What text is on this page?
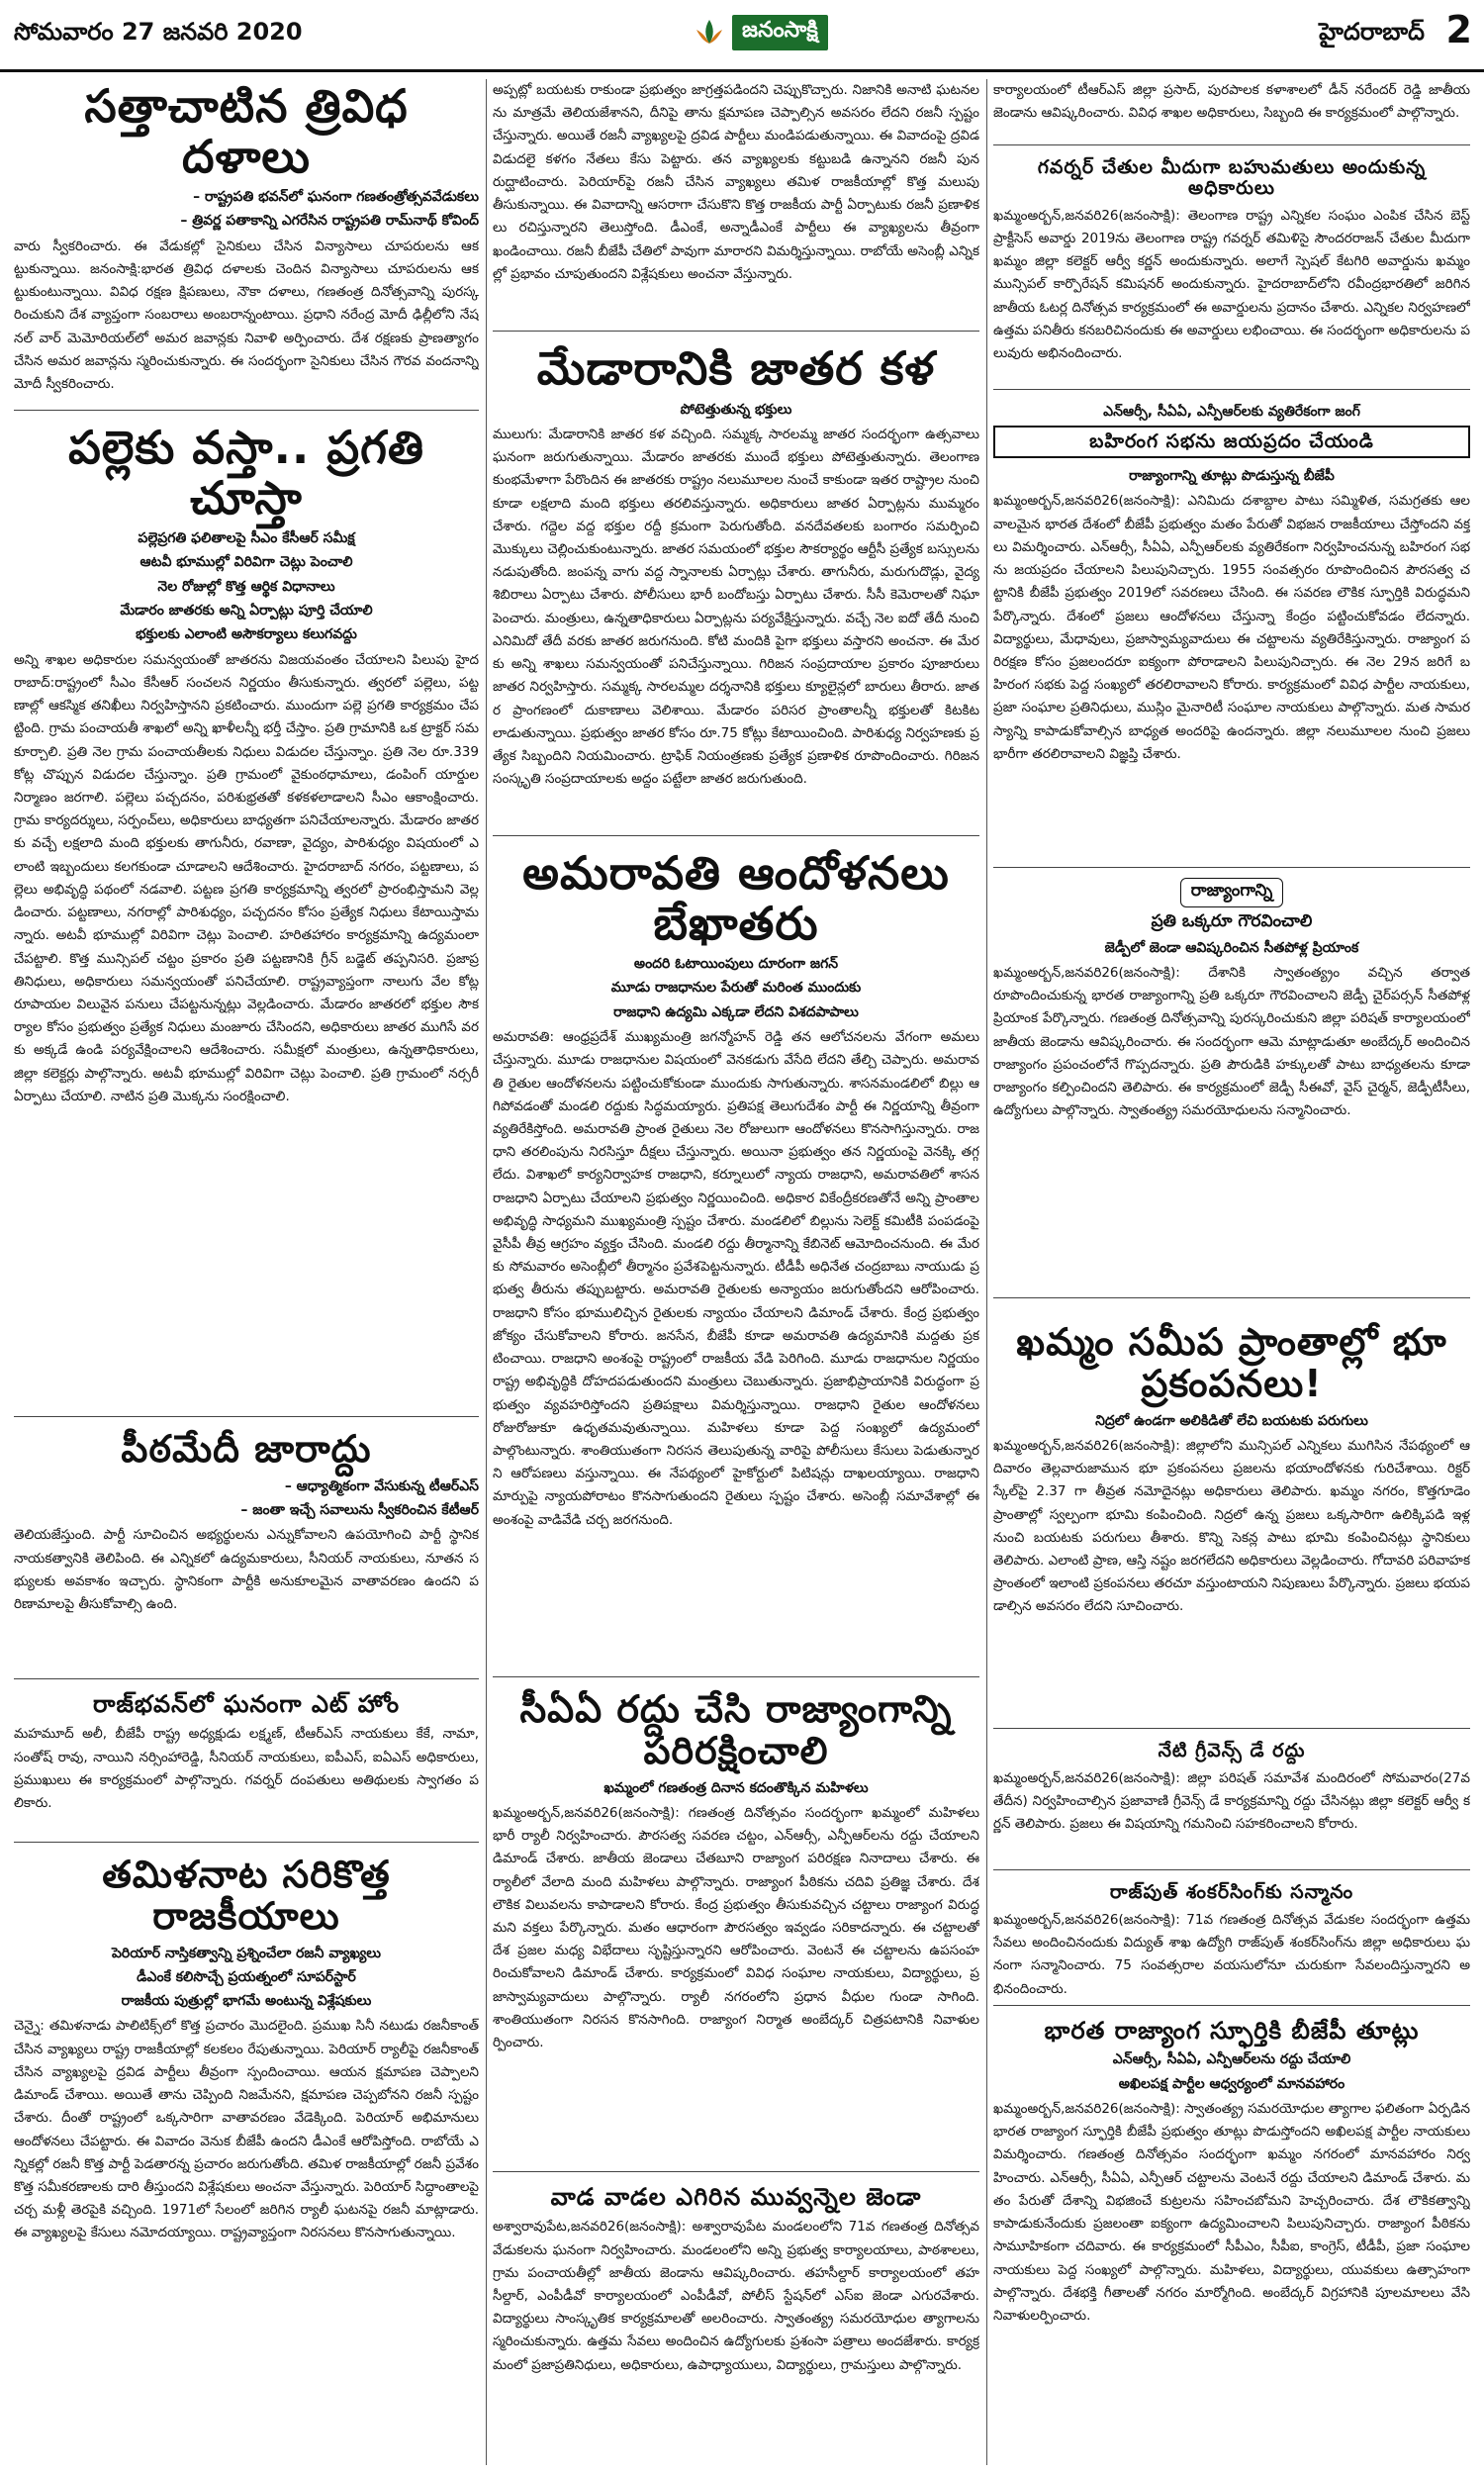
సోమవారం 27 జనవరి 2020	జనంసాక్షి	హైదరాబాద్ 2
సత్తాచాటిన త్రివిధ దళాలు
– రాష్ట్రపతి భవన్‌లో ఘనంగా గణతంత్రోత్సవవేడుకలు
– త్రివర్ణ పతాకాన్ని ఎగరేసిన రాష్ట్రపతి రామ్‌నాథ్ కోవింద్

వారు స్వీకరించారు. ఈ వేడుకల్లో సైనికులు చేసిన విన్యాసాలు చూపరులను ఆకట్టుకున్నాయి. జనంసాక్షి:భారత త్రివిధ దళాలకు చెందిన విన్యాసాలు చూపరులను ఆకట్టుకుంటున్నాయి. వివిధ రక్షణ క్షిపణులు, నౌకా దళాలు, గణతంత్ర దినోత్సవాన్ని పురస్కరించుకుని దేశ వ్యాప్తంగా సంబరాలు అంబరాన్నంటాయి. ప్రధాని నరేంద్ర మోదీ ఢిల్లీలోని నేషనల్ వార్ మెమోరియల్‌లో అమర జవాన్లకు నివాళి అర్పించారు. దేశ రక్షణకు ప్రాణత్యాగం చేసిన అమర జవాన్లను స్మరించుకున్నారు. ఈ సందర్భంగా సైనికులు చేసిన గౌరవ వందనాన్ని మోదీ స్వీకరించారు.

పల్లెకు వస్తా.. ప్రగతి చూస్తా
పల్లెప్రగతి ఫలితాలపై సీఎం కేసీఆర్ సమీక్ష
ఆటవీ భూముల్లో విరివిగా చెట్లు పెంచాలి
నెల రోజుల్లో కొత్త ఆర్థిక విధానాలు
మేడారం జాతరకు అన్ని ఏర్పాట్లు పూర్తి చేయాలి
భక్తులకు ఎలాంటి అసౌకర్యాలు కలుగవద్దు

అన్ని శాఖల అధికారుల సమన్వయంతో జాతరను విజయవంతం చేయాలని పిలుపు హైదరాబాద్:రాష్ట్రంలో సీఎం కేసీఆర్ సంచలన నిర్ణయం తీసుకున్నారు. త్వరలో పల్లెలు, పట్టణాల్లో ఆకస్మిక తనిఖీలు నిర్వహిస్తానని ప్రకటించారు. ముందుగా పల్లె ప్రగతి కార్యక్రమం చేపట్టింది. గ్రామ పంచాయతీ శాఖలో అన్ని ఖాళీలన్నీ భర్తీ చేస్తాం. ప్రతి గ్రామానికి ఒక ట్రాక్టర్ సమకూర్చాలి. ప్రతి నెల గ్రామ పంచాయతీలకు నిధులు విడుదల చేస్తున్నాం. ప్రతి నెల రూ.339 కోట్ల చొప్పున విడుదల చేస్తున్నాం. ప్రతి గ్రామంలో వైకుంఠధామాలు, డంపింగ్ యార్డుల నిర్మాణం జరగాలి. పల్లెలు పచ్చదనం, పరిశుభ్రతతో కళకళలాడాలని సీఎం ఆకాంక్షించారు. గ్రామ కార్యదర్శులు, సర్పంచ్‌లు, అధికారులు బాధ్యతగా పనిచేయాలన్నారు. మేడారం జాతరకు వచ్చే లక్షలాది మంది భక్తులకు తాగునీరు, రవాణా, వైద్యం, పారిశుధ్యం విషయంలో ఎలాంటి ఇబ్బందులు కలగకుండా చూడాలని ఆదేశించారు. హైదరాబాద్ నగరం, పట్టణాలు, పల్లెలు అభివృద్ధి పథంలో నడవాలి. పట్టణ ప్రగతి కార్యక్రమాన్ని త్వరలో ప్రారంభిస్తామని వెల్లడించారు. పట్టణాలు, నగరాల్లో పారిశుధ్యం, పచ్చదనం కోసం ప్రత్యేక నిధులు కేటాయిస్తామన్నారు. అటవీ భూముల్లో విరివిగా చెట్లు పెంచాలి. హరితహారం కార్యక్రమాన్ని ఉద్యమంలా చేపట్టాలి. కొత్త మున్సిపల్ చట్టం ప్రకారం ప్రతి పట్టణానికి గ్రీన్ బడ్జెట్ తప్పనిసరి. ప్రజాప్రతినిధులు, అధికారులు సమన్వయంతో పనిచేయాలి. రాష్ట్రవ్యాప్తంగా నాలుగు వేల కోట్ల రూపాయల విలువైన పనులు చేపట్టనున్నట్లు వెల్లడించారు. మేడారం జాతరలో భక్తుల సౌకర్యాల కోసం ప్రభుత్వం ప్రత్యేక నిధులు మంజూరు చేసిందని, అధికారులు జాతర ముగిసే వరకు అక్కడే ఉండి పర్యవేక్షించాలని ఆదేశించారు. సమీక్షలో మంత్రులు, ఉన్నతాధికారులు, జిల్లా కలెక్టర్లు పాల్గొన్నారు. అటవీ భూముల్లో విరివిగా చెట్లు పెంచాలి. ప్రతి గ్రామంలో నర్సరీ ఏర్పాటు చేయాలి. నాటిన ప్రతి మొక్కను సంరక్షించాలి.

పీఠమేదీ జారాద్దు
– ఆధ్యాత్మికంగా వేసుకున్న టీఆర్ఎస్
– జంతా ఇచ్చే సవాలును స్వీకరించిన కేటీఆర్

తెలియజేస్తుంది. పార్టీ సూచించిన అభ్యర్థులను ఎన్నుకోవాలని ఉపయోగించి పార్టీ స్థానిక నాయకత్వానికి తెలిపింది. ఈ ఎన్నికలో ఉద్యమకారులు, సీనియర్ నాయకులు, నూతన సభ్యులకు అవకాశం ఇచ్చారు. స్థానికంగా పార్టీకి అనుకూలమైన వాతావరణం ఉందని పరిణామాలపై తీసుకోవాల్సి ఉంది.

రాజ్‌భవన్‌లో ఘనంగా ఎట్ హోం

మహమూద్ అలీ, బీజేపీ రాష్ట్ర అధ్యక్షుడు లక్ష్మణ్, టీఆర్ఎస్ నాయకులు కేకే, నామా, సంతోష్ రావు, నాయిని నర్సింహారెడ్డి, సీనియర్ నాయకులు, ఐపీఎస్, ఐఏఎస్ అధికారులు, ప్రముఖులు ఈ కార్యక్రమంలో పాల్గొన్నారు. గవర్నర్ దంపతులు అతిథులకు స్వాగతం పలికారు.

తమిళనాట సరికొత్త రాజకీయాలు
పెరియార్ నాస్తికత్వాన్ని ప్రశ్నించేలా రజనీ వ్యాఖ్యలు
డీఎంకే కలిసొచ్చే ప్రయత్నంలో సూపర్‌స్టార్
రాజకీయ పుత్రుల్లో భాగమే అంటున్న విశ్లేషకులు

చెన్నై: తమిళనాడు పాలిటిక్స్‌లో కొత్త ప్రచారం మొదలైంది. ప్రముఖ సినీ నటుడు రజనీకాంత్ చేసిన వ్యాఖ్యలు రాష్ట్ర రాజకీయాల్లో కలకలం రేపుతున్నాయి. పెరియార్ ర్యాలీపై రజనీకాంత్ చేసిన వ్యాఖ్యలపై ద్రవిడ పార్టీలు తీవ్రంగా స్పందించాయి. ఆయన క్షమాపణ చెప్పాలని డిమాండ్ చేశాయి. అయితే తాను చెప్పింది నిజమేనని, క్షమాపణ చెప్పబోనని రజనీ స్పష్టం చేశారు. దీంతో రాష్ట్రంలో ఒక్కసారిగా వాతావరణం వేడెక్కింది. పెరియార్ అభిమానులు ఆందోళనలు చేపట్టారు. ఈ వివాదం వెనుక బీజేపీ ఉందని డీఎంకే ఆరోపిస్తోంది. రాబోయే ఎన్నికల్లో రజనీ కొత్త పార్టీ పెడతారన్న ప్రచారం జరుగుతోంది. తమిళ రాజకీయాల్లో రజనీ ప్రవేశం కొత్త సమీకరణాలకు దారి తీస్తుందని విశ్లేషకులు అంచనా వేస్తున్నారు. పెరియార్ సిద్ధాంతాలపై చర్చ మళ్లీ తెరపైకి వచ్చింది. 1971లో సేలంలో జరిగిన ర్యాలీ ఘటనపై రజనీ మాట్లాడారు. ఈ వ్యాఖ్యలపై కేసులు నమోదయ్యాయి. రాష్ట్రవ్యాప్తంగా నిరసనలు కొనసాగుతున్నాయి.

అప్పట్లో బయటకు రాకుండా ప్రభుత్వం జాగ్రత్తపడిందని చెప్పుకొచ్చారు. నిజానికి అనాటి ఘటనలను మాత్రమే తెలియజేశానని, దీనిపై తాను క్షమాపణ చెప్పాల్సిన అవసరం లేదని రజనీ స్పష్టం చేస్తున్నారు. అయితే రజనీ వ్యాఖ్యలపై ద్రవిడ పార్టీలు మండిపడుతున్నాయి. ఈ వివాదంపై ద్రవిడ విడుదలై కళగం నేతలు కేసు పెట్టారు. తన వ్యాఖ్యలకు కట్టుబడి ఉన్నానని రజనీ పునరుద్ఘాటించారు. పెరియార్‌పై రజనీ చేసిన వ్యాఖ్యలు తమిళ రాజకీయాల్లో కొత్త మలుపు తీసుకున్నాయి. ఈ వివాదాన్ని ఆసరాగా చేసుకొని కొత్త రాజకీయ పార్టీ ఏర్పాటుకు రజనీ ప్రణాళికలు రచిస్తున్నారని తెలుస్తోంది. డీఎంకే, అన్నాడీఎంకే పార్టీలు ఈ వ్యాఖ్యలను తీవ్రంగా ఖండించాయి. రజనీ బీజేపీ చేతిలో పావుగా మారారని విమర్శిస్తున్నాయి. రాబోయే అసెంబ్లీ ఎన్నికల్లో ప్రభావం చూపుతుందని విశ్లేషకులు అంచనా వేస్తున్నారు.

మేడారానికి జాతర కళ
పోటెత్తుతున్న భక్తులు

ములుగు: మేడారానికి జాతర కళ వచ్చింది. సమ్మక్క సారలమ్మ జాతర సందర్భంగా ఉత్సవాలు ఘనంగా జరుగుతున్నాయి. మేడారం జాతరకు ముందే భక్తులు పోటెత్తుతున్నారు. తెలంగాణ కుంభమేళాగా పేరొందిన ఈ జాతరకు రాష్ట్రం నలుమూలల నుంచే కాకుండా ఇతర రాష్ట్రాల నుంచి కూడా లక్షలాది మంది భక్తులు తరలివస్తున్నారు. అధికారులు జాతర ఏర్పాట్లను ముమ్మరం చేశారు. గద్దెల వద్ద భక్తుల రద్దీ క్రమంగా పెరుగుతోంది. వనదేవతలకు బంగారం సమర్పించి మొక్కులు చెల్లించుకుంటున్నారు. జాతర సమయంలో భక్తుల సౌకర్యార్థం ఆర్టీసీ ప్రత్యేక బస్సులను నడుపుతోంది. జంపన్న వాగు వద్ద స్నానాలకు ఏర్పాట్లు చేశారు. తాగునీరు, మరుగుదొడ్లు, వైద్య శిబిరాలు ఏర్పాటు చేశారు. పోలీసులు భారీ బందోబస్తు ఏర్పాటు చేశారు. సీసీ కెమెరాలతో నిఘా పెంచారు. మంత్రులు, ఉన్నతాధికారులు ఏర్పాట్లను పర్యవేక్షిస్తున్నారు. వచ్చే నెల ఐదో తేదీ నుంచి ఎనిమిదో తేదీ వరకు జాతర జరుగనుంది. కోటి మందికి పైగా భక్తులు వస్తారని అంచనా. ఈ మేరకు అన్ని శాఖలు సమన్వయంతో పనిచేస్తున్నాయి. గిరిజన సంప్రదాయాల ప్రకారం పూజారులు జాతర నిర్వహిస్తారు. సమ్మక్క సారలమ్మల దర్శనానికి భక్తులు క్యూలైన్లలో బారులు తీరారు. జాతర ప్రాంగణంలో దుకాణాలు వెలిశాయి. మేడారం పరిసర ప్రాంతాలన్నీ భక్తులతో కిటకిటలాడుతున్నాయి. ప్రభుత్వం జాతర కోసం రూ.75 కోట్లు కేటాయించింది. పారిశుధ్య నిర్వహణకు ప్రత్యేక సిబ్బందిని నియమించారు. ట్రాఫిక్ నియంత్రణకు ప్రత్యేక ప్రణాళిక రూపొందించారు. గిరిజన సంస్కృతి సంప్రదాయాలకు అద్దం పట్టేలా జాతర జరుగుతుంది.

అమరావతి ఆందోళనలు బేఖాతరు
అందరి ఓటాయింపులు దూరంగా జగన్
మూడు రాజధానుల పేరుతో మరింత ముందుకు
రాజధాని ఉద్యమి ఎక్కడా లేదని విశదపాపాలు

అమరావతి: ఆంధ్రప్రదేశ్ ముఖ్యమంత్రి జగన్మోహన్ రెడ్డి తన ఆలోచనలను వేగంగా అమలు చేస్తున్నారు. మూడు రాజధానుల విషయంలో వెనకడుగు వేసేది లేదని తేల్చి చెప్పారు. అమరావతి రైతుల ఆందోళనలను పట్టించుకోకుండా ముందుకు సాగుతున్నారు. శాసనమండలిలో బిల్లు ఆగిపోవడంతో మండలి రద్దుకు సిద్ధమయ్యారు. ప్రతిపక్ష తెలుగుదేశం పార్టీ ఈ నిర్ణయాన్ని తీవ్రంగా వ్యతిరేకిస్తోంది. అమరావతి ప్రాంత రైతులు నెల రోజులుగా ఆందోళనలు కొనసాగిస్తున్నారు. రాజధాని తరలింపును నిరసిస్తూ దీక్షలు చేస్తున్నారు. అయినా ప్రభుత్వం తన నిర్ణయంపై వెనక్కి తగ్గలేదు. విశాఖలో కార్యనిర్వాహక రాజధాని, కర్నూలులో న్యాయ రాజధాని, అమరావతిలో శాసన రాజధాని ఏర్పాటు చేయాలని ప్రభుత్వం నిర్ణయించింది. అధికార వికేంద్రీకరణతోనే అన్ని ప్రాంతాల అభివృద్ధి సాధ్యమని ముఖ్యమంత్రి స్పష్టం చేశారు. మండలిలో బిల్లును సెలెక్ట్ కమిటీకి పంపడంపై వైసీపీ తీవ్ర ఆగ్రహం వ్యక్తం చేసింది. మండలి రద్దు తీర్మానాన్ని కేబినెట్ ఆమోదించనుంది. ఈ మేరకు సోమవారం అసెంబ్లీలో తీర్మానం ప్రవేశపెట్టనున్నారు. టీడీపీ అధినేత చంద్రబాబు నాయుడు ప్రభుత్వ తీరును తప్పుబట్టారు. అమరావతి రైతులకు అన్యాయం జరుగుతోందని ఆరోపించారు. రాజధాని కోసం భూములిచ్చిన రైతులకు న్యాయం చేయాలని డిమాండ్ చేశారు. కేంద్ర ప్రభుత్వం జోక్యం చేసుకోవాలని కోరారు. జనసేన, బీజేపీ కూడా అమరావతి ఉద్యమానికి మద్దతు ప్రకటించాయి. రాజధాని అంశంపై రాష్ట్రంలో రాజకీయ వేడి పెరిగింది. మూడు రాజధానుల నిర్ణయం రాష్ట్ర అభివృద్ధికి దోహదపడుతుందని మంత్రులు చెబుతున్నారు. ప్రజాభిప్రాయానికి విరుద్ధంగా ప్రభుత్వం వ్యవహరిస్తోందని ప్రతిపక్షాలు విమర్శిస్తున్నాయి. రాజధాని రైతుల ఆందోళనలు రోజురోజుకూ ఉధృతమవుతున్నాయి. మహిళలు కూడా పెద్ద సంఖ్యలో ఉద్యమంలో పాల్గొంటున్నారు. శాంతియుతంగా నిరసన తెలుపుతున్న వారిపై పోలీసులు కేసులు పెడుతున్నారని ఆరోపణలు వస్తున్నాయి. ఈ నేపథ్యంలో హైకోర్టులో పిటిషన్లు దాఖలయ్యాయి. రాజధాని మార్పుపై న్యాయపోరాటం కొనసాగుతుందని రైతులు స్పష్టం చేశారు. అసెంబ్లీ సమావేశాల్లో ఈ అంశంపై వాడివేడి చర్చ జరగనుంది.

సీఏఏ రద్దు చేసి రాజ్యాంగాన్ని పరిరక్షించాలి
ఖమ్మంలో గణతంత్ర దినాన కదంతొక్కిన మహిళలు

ఖమ్మంఅర్బన్,జనవరి26(జనంసాక్షి): గణతంత్ర దినోత్సవం సందర్భంగా ఖమ్మంలో మహిళలు భారీ ర్యాలీ నిర్వహించారు. పౌరసత్వ సవరణ చట్టం, ఎన్ఆర్సీ, ఎన్పీఆర్‌లను రద్దు చేయాలని డిమాండ్ చేశారు. జాతీయ జెండాలు చేతబూని రాజ్యాంగ పరిరక్షణ నినాదాలు చేశారు. ఈ ర్యాలీలో వేలాది మంది మహిళలు పాల్గొన్నారు. రాజ్యాంగ పీఠికను చదివి ప్రతిజ్ఞ చేశారు. దేశ లౌకిక విలువలను కాపాడాలని కోరారు. కేంద్ర ప్రభుత్వం తీసుకువచ్చిన చట్టాలు రాజ్యాంగ విరుద్ధమని వక్తలు పేర్కొన్నారు. మతం ఆధారంగా పౌరసత్వం ఇవ్వడం సరికాదన్నారు. ఈ చట్టాలతో దేశ ప్రజల మధ్య విభేదాలు సృష్టిస్తున్నారని ఆరోపించారు. వెంటనే ఈ చట్టాలను ఉపసంహరించుకోవాలని డిమాండ్ చేశారు. కార్యక్రమంలో వివిధ సంఘాల నాయకులు, విద్యార్థులు, ప్రజాస్వామ్యవాదులు పాల్గొన్నారు. ర్యాలీ నగరంలోని ప్రధాన వీధుల గుండా సాగింది. శాంతియుతంగా నిరసన కొనసాగింది. రాజ్యాంగ నిర్మాత అంబేద్కర్ చిత్రపటానికి నివాళులర్పించారు.

వాడ వాడల ఎగిరిన మువ్వన్నెల జెండా

అశ్వారావుపేట,జనవరి26(జనంసాక్షి): అశ్వారావుపేట మండలంలోని 71వ గణతంత్ర దినోత్సవ వేడుకలను ఘనంగా నిర్వహించారు. మండలంలోని అన్ని ప్రభుత్వ కార్యాలయాలు, పాఠశాలలు, గ్రామ పంచాయతీల్లో జాతీయ జెండాను ఆవిష్కరించారు. తహసీల్దార్ కార్యాలయంలో తహసీల్దార్, ఎంపీడీవో కార్యాలయంలో ఎంపీడీవో, పోలీస్ స్టేషన్‌లో ఎస్ఐ జెండా ఎగురవేశారు. విద్యార్థులు సాంస్కృతిక కార్యక్రమాలతో అలరించారు. స్వాతంత్య్ర సమరయోధుల త్యాగాలను స్మరించుకున్నారు. ఉత్తమ సేవలు అందించిన ఉద్యోగులకు ప్రశంసా పత్రాలు అందజేశారు. కార్యక్రమంలో ప్రజాప్రతినిధులు, అధికారులు, ఉపాధ్యాయులు, విద్యార్థులు, గ్రామస్తులు పాల్గొన్నారు.

కార్యాలయంలో టీఆర్ఎస్ జిల్లా ప్రసాద్, పురపాలక కళాశాలలో డీన్ నరేందర్ రెడ్డి జాతీయ జెండాను ఆవిష్కరించారు. వివిధ శాఖల అధికారులు, సిబ్బంది ఈ కార్యక్రమంలో పాల్గొన్నారు.

గవర్నర్ చేతుల మీదుగా బహుమతులు అందుకున్న అధికారులు

ఖమ్మంఅర్బన్,జనవరి26(జనంసాక్షి): తెలంగాణ రాష్ట్ర ఎన్నికల సంఘం ఎంపిక చేసిన బెస్ట్ ప్రాక్టీసెస్ అవార్డు 2019ను తెలంగాణ రాష్ట్ర గవర్నర్ తమిళిసై సౌందరరాజన్ చేతుల మీదుగా ఖమ్మం జిల్లా కలెక్టర్ ఆర్వీ కర్ణన్ అందుకున్నారు. అలాగే స్పెషల్ కేటగిరి అవార్డును ఖమ్మం మున్సిపల్ కార్పొరేషన్ కమిషనర్ అందుకున్నారు. హైదరాబాద్‌లోని రవీంద్రభారతిలో జరిగిన జాతీయ ఓటర్ల దినోత్సవ కార్యక్రమంలో ఈ అవార్డులను ప్రదానం చేశారు. ఎన్నికల నిర్వహణలో ఉత్తమ పనితీరు కనబరిచినందుకు ఈ అవార్డులు లభించాయి. ఈ సందర్భంగా అధికారులను పలువురు అభినందించారు.

ఎన్ఆర్సీ, సీఏఏ, ఎన్పీఆర్‌లకు వ్యతిరేకంగా జంగ్
బహిరంగ సభను జయప్రదం చేయండి
రాజ్యాంగాన్ని తూట్లు పొడుస్తున్న బీజేపీ

ఖమ్మంఅర్బన్,జనవరి26(జనంసాక్షి): ఎనిమిదు దశాబ్దాల పాటు సమ్మిళిత, సమగ్రతకు ఆలవాలమైన భారత దేశంలో బీజేపీ ప్రభుత్వం మతం పేరుతో విభజన రాజకీయాలు చేస్తోందని వక్తలు విమర్శించారు. ఎన్ఆర్సీ, సీఏఏ, ఎన్పీఆర్‌లకు వ్యతిరేకంగా నిర్వహించనున్న బహిరంగ సభను జయప్రదం చేయాలని పిలుపునిచ్చారు. 1955 సంవత్సరం రూపొందించిన పౌరసత్వ చట్టానికి బీజేపీ ప్రభుత్వం 2019లో సవరణలు చేసింది. ఈ సవరణ లౌకిక స్ఫూర్తికి విరుద్ధమని పేర్కొన్నారు. దేశంలో ప్రజలు ఆందోళనలు చేస్తున్నా కేంద్రం పట్టించుకోవడం లేదన్నారు. విద్యార్థులు, మేధావులు, ప్రజాస్వామ్యవాదులు ఈ చట్టాలను వ్యతిరేకిస్తున్నారు. రాజ్యాంగ పరిరక్షణ కోసం ప్రజలందరూ ఐక్యంగా పోరాడాలని పిలుపునిచ్చారు. ఈ నెల 29న జరిగే బహిరంగ సభకు పెద్ద సంఖ్యలో తరలిరావాలని కోరారు. కార్యక్రమంలో వివిధ పార్టీల నాయకులు, ప్రజా సంఘాల ప్రతినిధులు, ముస్లిం మైనారిటీ సంఘాల నాయకులు పాల్గొన్నారు. మత సామరస్యాన్ని కాపాడుకోవాల్సిన బాధ్యత అందరిపై ఉందన్నారు. జిల్లా నలుమూలల నుంచి ప్రజలు భారీగా తరలిరావాలని విజ్ఞప్తి చేశారు.

రాజ్యాంగాన్ని
ప్రతి ఒక్కరూ గౌరవించాలి
జెడ్పీలో జెండా ఆవిష్కరించిన సీతపోళ్ల ప్రియాంక

ఖమ్మంఅర్బన్,జనవరి26(జనంసాక్షి): దేశానికి స్వాతంత్య్రం వచ్చిన తర్వాత రూపొందించుకున్న భారత రాజ్యాంగాన్ని ప్రతి ఒక్కరూ గౌరవించాలని జెడ్పీ చైర్‌పర్సన్ సీతపోళ్ల ప్రియాంక పేర్కొన్నారు. గణతంత్ర దినోత్సవాన్ని పురస్కరించుకుని జిల్లా పరిషత్ కార్యాలయంలో జాతీయ జెండాను ఆవిష్కరించారు. ఈ సందర్భంగా ఆమె మాట్లాడుతూ అంబేద్కర్ అందించిన రాజ్యాంగం ప్రపంచంలోనే గొప్పదన్నారు. ప్రతి పౌరుడికి హక్కులతో పాటు బాధ్యతలను కూడా రాజ్యాంగం కల్పించిందని తెలిపారు. ఈ కార్యక్రమంలో జెడ్పీ సీఈవో, వైస్ చైర్మన్, జెడ్పీటీసీలు, ఉద్యోగులు పాల్గొన్నారు. స్వాతంత్య్ర సమరయోధులను సన్మానించారు.

ఖమ్మం సమీప ప్రాంతాల్లో భూ ప్రకంపనలు!
నిద్రలో ఉండగా అలికిడితో లేచి బయటకు పరుగులు

ఖమ్మంఅర్బన్,జనవరి26(జనంసాక్షి): జిల్లాలోని మున్సిపల్ ఎన్నికలు ముగిసిన నేపథ్యంలో ఆదివారం తెల్లవారుజామున భూ ప్రకంపనలు ప్రజలను భయాందోళనకు గురిచేశాయి. రిక్టర్ స్కేల్‌పై 2.37 గా తీవ్రత నమోదైనట్లు అధికారులు తెలిపారు. ఖమ్మం నగరం, కొత్తగూడెం ప్రాంతాల్లో స్వల్పంగా భూమి కంపించింది. నిద్రలో ఉన్న ప్రజలు ఒక్కసారిగా ఉలిక్కిపడి ఇళ్ల నుంచి బయటకు పరుగులు తీశారు. కొన్ని సెకన్ల పాటు భూమి కంపించినట్లు స్థానికులు తెలిపారు. ఎలాంటి ప్రాణ, ఆస్తి నష్టం జరగలేదని అధికారులు వెల్లడించారు. గోదావరి పరివాహక ప్రాంతంలో ఇలాంటి ప్రకంపనలు తరచూ వస్తుంటాయని నిపుణులు పేర్కొన్నారు. ప్రజలు భయపడాల్సిన అవసరం లేదని సూచించారు.

నేటి గ్రీవెన్స్ డే రద్దు

ఖమ్మంఅర్బన్,జనవరి26(జనంసాక్షి): జిల్లా పరిషత్ సమావేశ మందిరంలో సోమవారం(27వ తేదీన) నిర్వహించాల్సిన ప్రజావాణి గ్రీవెన్స్ డే కార్యక్రమాన్ని రద్దు చేసినట్లు జిల్లా కలెక్టర్ ఆర్వీ కర్ణన్ తెలిపారు. ప్రజలు ఈ విషయాన్ని గమనించి సహకరించాలని కోరారు.

రాజ్‌పుత్ శంకర్‌సింగ్‌కు సన్మానం

ఖమ్మంఅర్బన్,జనవరి26(జనంసాక్షి): 71వ గణతంత్ర దినోత్సవ వేడుకల సందర్భంగా ఉత్తమ సేవలు అందించినందుకు విద్యుత్ శాఖ ఉద్యోగి రాజ్‌పుత్ శంకర్‌సింగ్‌ను జిల్లా అధికారులు ఘనంగా సన్మానించారు. 75 సంవత్సరాల వయసులోనూ చురుకుగా సేవలందిస్తున్నారని అభినందించారు.

భారత రాజ్యాంగ స్ఫూర్తికి బీజేపీ తూట్లు
ఎన్ఆర్సీ, సీఏఏ, ఎన్పీఆర్‌లను రద్దు చేయాలి
అఖిలపక్ష పార్టీల ఆధ్వర్యంలో మానవహారం

ఖమ్మంఅర్బన్,జనవరి26(జనంసాక్షి): స్వాతంత్య్ర సమరయోధుల త్యాగాల ఫలితంగా ఏర్పడిన భారత రాజ్యాంగ స్ఫూర్తికి బీజేపీ ప్రభుత్వం తూట్లు పొడుస్తోందని అఖిలపక్ష పార్టీల నాయకులు విమర్శించారు. గణతంత్ర దినోత్సవం సందర్భంగా ఖమ్మం నగరంలో మానవహారం నిర్వహించారు. ఎన్ఆర్సీ, సీఏఏ, ఎన్పీఆర్ చట్టాలను వెంటనే రద్దు చేయాలని డిమాండ్ చేశారు. మతం పేరుతో దేశాన్ని విభజించే కుట్రలను సహించబోమని హెచ్చరించారు. దేశ లౌకికత్వాన్ని కాపాడుకునేందుకు ప్రజలంతా ఐక్యంగా ఉద్యమించాలని పిలుపునిచ్చారు. రాజ్యాంగ పీఠికను సామూహికంగా చదివారు. ఈ కార్యక్రమంలో సీపీఎం, సీపీఐ, కాంగ్రెస్, టీడీపీ, ప్రజా సంఘాల నాయకులు పెద్ద సంఖ్యలో పాల్గొన్నారు. మహిళలు, విద్యార్థులు, యువకులు ఉత్సాహంగా పాల్గొన్నారు. దేశభక్తి గీతాలతో నగరం మార్మోగింది. అంబేద్కర్ విగ్రహానికి పూలమాలలు వేసి నివాళులర్పించారు.
